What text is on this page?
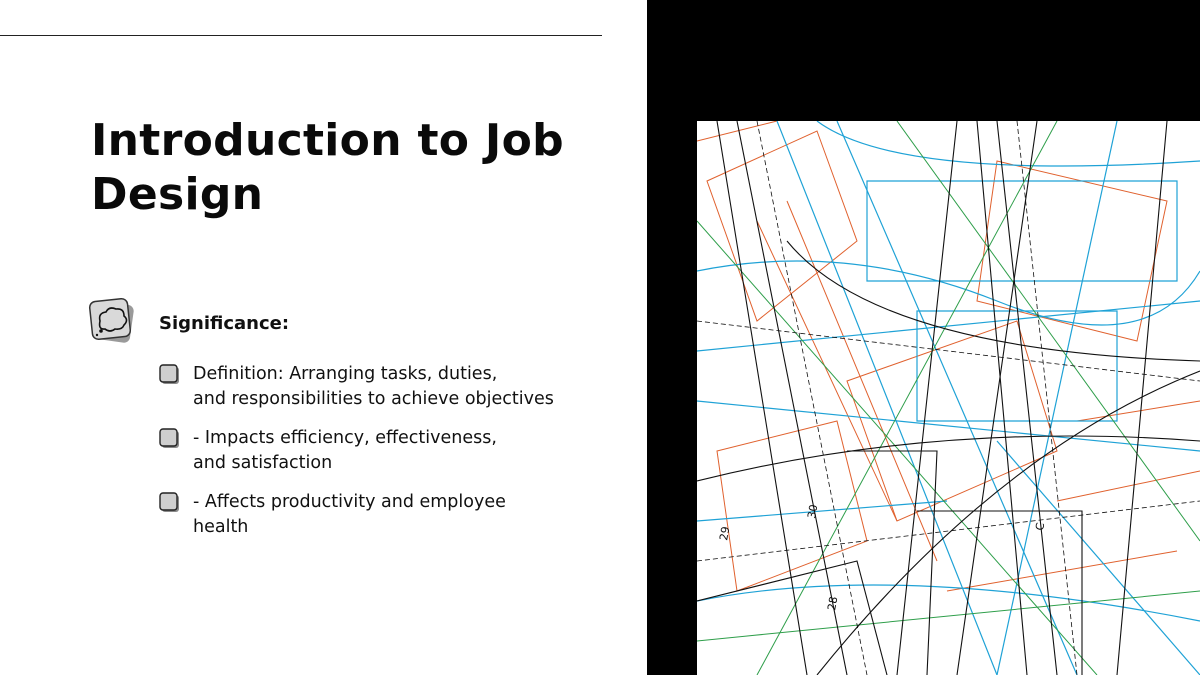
Introduction to Job
Design
Significance:
Definition: Arranging tasks, duties,
and responsibilities to achieve objectives
- Impacts efficiency, effectiveness,
and satisfaction
- Affects productivity and employee
health
30
29
28
C
